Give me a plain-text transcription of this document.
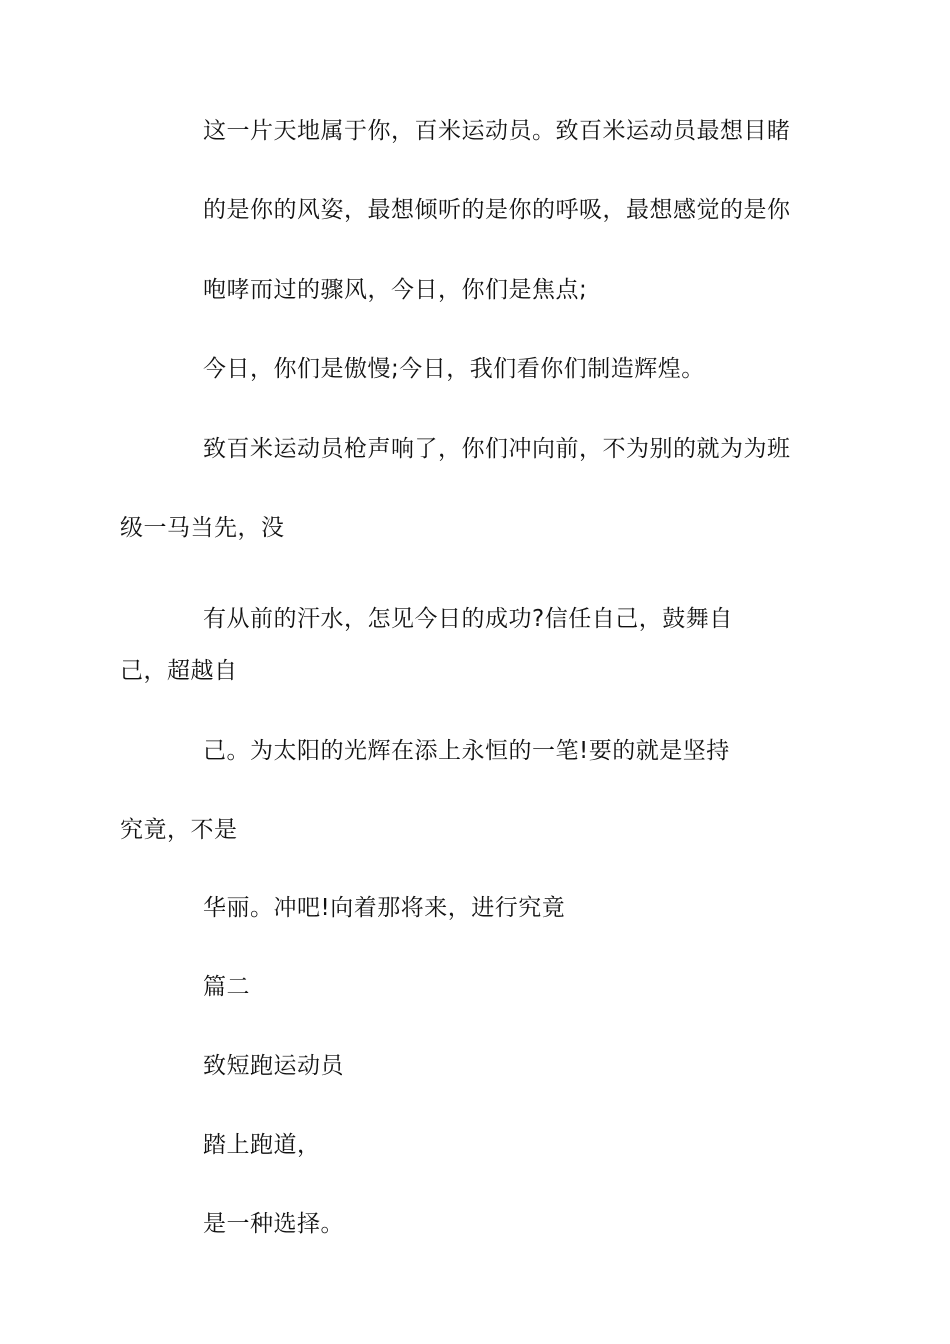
这一片天地属于你，百米运动员。致百米运动员最想目睹
的是你的风姿，最想倾听的是你的呼吸，最想感觉的是你
咆哮而过的骤风，今日，你们是焦点;
今日，你们是傲慢;今日，我们看你们制造辉煌。
致百米运动员枪声响了，你们冲向前，不为别的就为为班
级一马当先，没
有从前的汗水，怎见今日的成功?信任自己，鼓舞自
己，超越自
己。为太阳的光辉在添上永恒的一笔!要的就是坚持
究竟，不是
华丽。冲吧!向着那将来，进行究竟
篇二
致短跑运动员
踏上跑道，
是一种选择。
